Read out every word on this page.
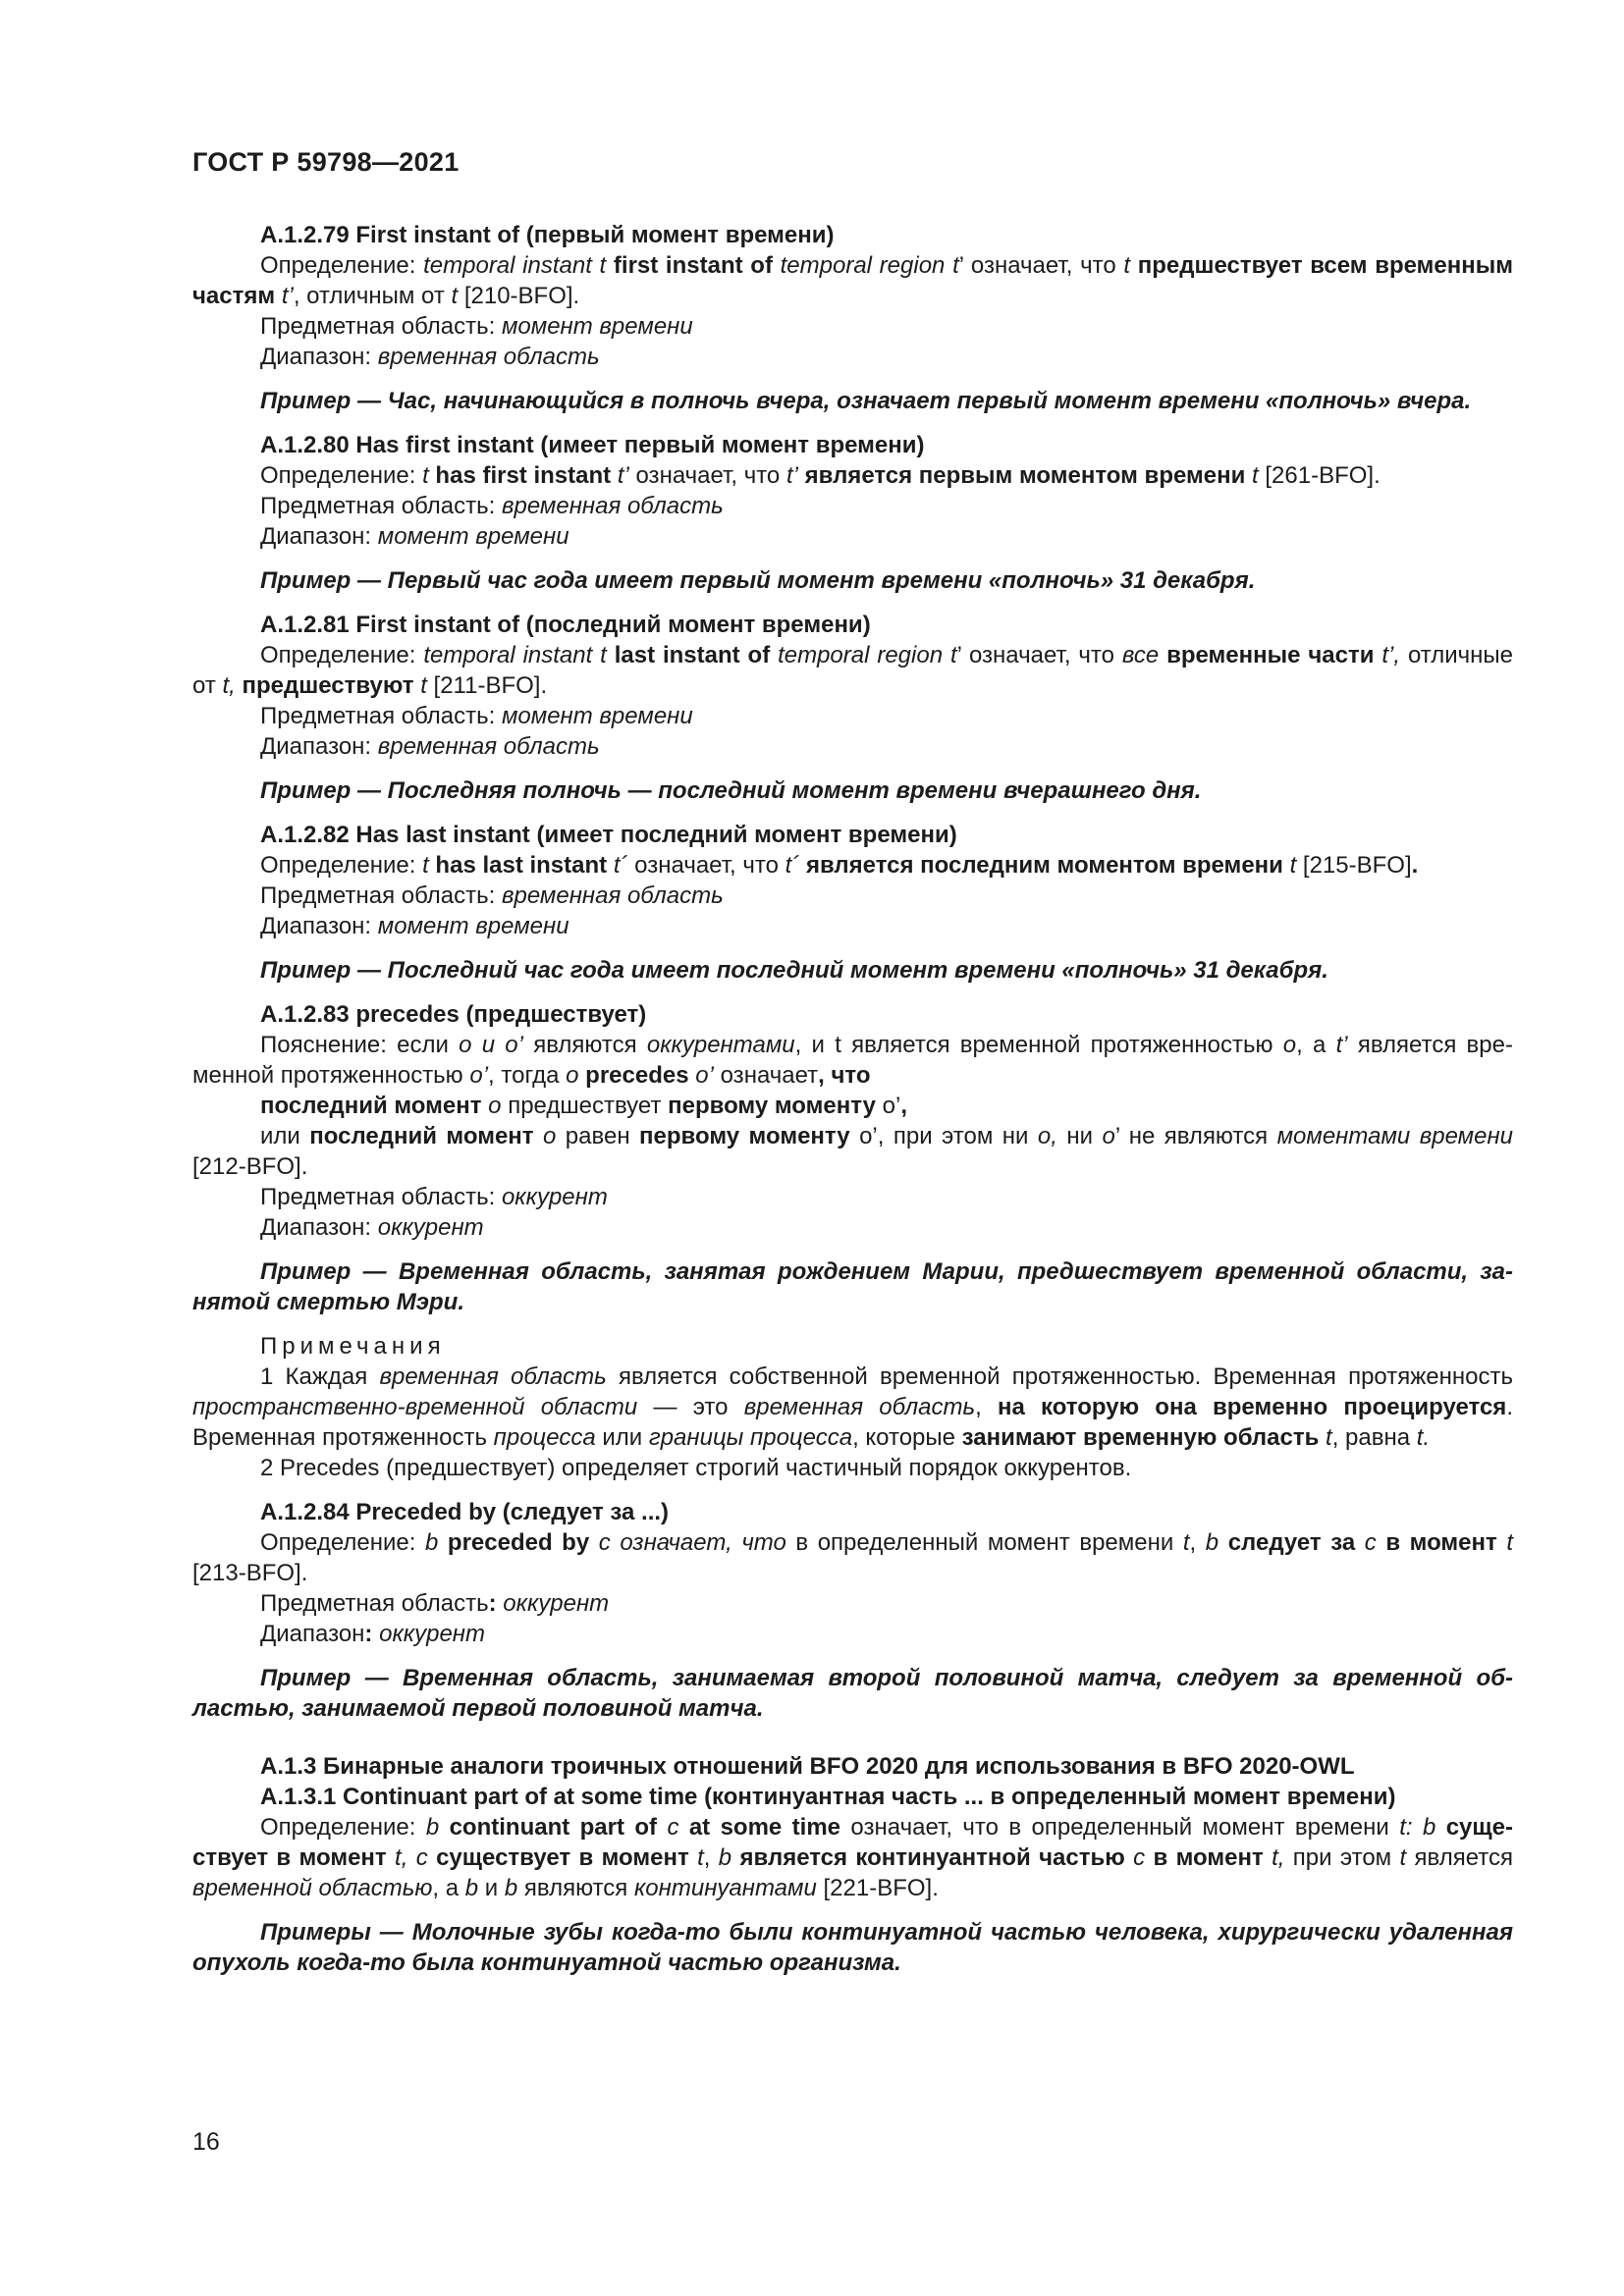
ГОСТ Р 59798—2021

А.1.2.79 First instant of (первый момент времени)

Определение: temporal instant t first instant of temporal region t’ означает, что t предшествует всем временным частям t’, отличным от t [210-BFO].

Предметная область: момент времени

Диапазон: временная область

Пример — Час, начинающийся в полночь вчера, означает первый момент времени «полночь» вчера.

А.1.2.80 Has first instant (имеет первый момент времени)

Определение: t has first instant t’ означает, что t’ является первым моментом времени t [261-BFO].

Предметная область: временная область

Диапазон: момент времени

Пример — Первый час года имеет первый момент времени «полночь» 31 декабря.

А.1.2.81 First instant of (последний момент времени)

Определение: temporal instant t last instant of temporal region t’ означает, что все временные части t’, отличные от t, предшествуют t [211-BFO].

Предметная область: момент времени

Диапазон: временная область

Пример — Последняя полночь — последний момент времени вчерашнего дня.

А.1.2.82 Has last instant (имеет последний момент времени)

Определение: t has last instant t´ означает, что t´ является последним моментом времени t [215-BFO].

Предметная область: временная область

Диапазон: момент времени

Пример — Последний час года имеет последний момент времени «полночь» 31 декабря.

А.1.2.83 precedes (предшествует)

Пояснение: если o и o’ являются оккурентами, и t является временной протяженностью o, а t’ является временной протяженностью o’, тогда o precedes o’ означает, что

последний момент o предшествует первому моменту o’,

или последний момент o равен первому моменту o’, при этом ни o, ни o’ не являются моментами времени [212-BFO].

Предметная область: оккурент

Диапазон: оккурент

Пример — Временная область, занятая рождением Марии, предшествует временной области, занятой смертью Мэри.

Примечания

1 Каждая временная область является собственной временной протяженностью. Временная протяженность пространственно-временной области — это временная область, на которую она временно проецируется. Временная протяженность процесса или границы процесса, которые занимают временную область t, равна t.

2 Precedes (предшествует) определяет строгий частичный порядок оккурентов.

А.1.2.84 Preceded by (следует за ...)

Определение: b preceded by c означает, что в определенный момент времени t, b следует за c в момент t [213-BFO].

Предметная область: оккурент

Диапазон: оккурент

Пример — Временная область, занимаемая второй половиной матча, следует за временной областью, занимаемой первой половиной матча.

А.1.3 Бинарные аналоги троичных отношений BFO 2020 для использования в BFO 2020-OWL

А.1.3.1 Continuant part of at some time (континуантная часть ... в определенный момент времени)

Определение: b continuant part of c at some time означает, что в определенный момент времени t: b существует в момент t, c существует в момент t, b является континуантной частью c в момент t, при этом t является временной областью, а b и b являются континуантами [221-BFO].

Примеры — Молочные зубы когда-то были континуатной частью человека, хирургически удаленная опухоль когда-то была континуатной частью организма.

16
